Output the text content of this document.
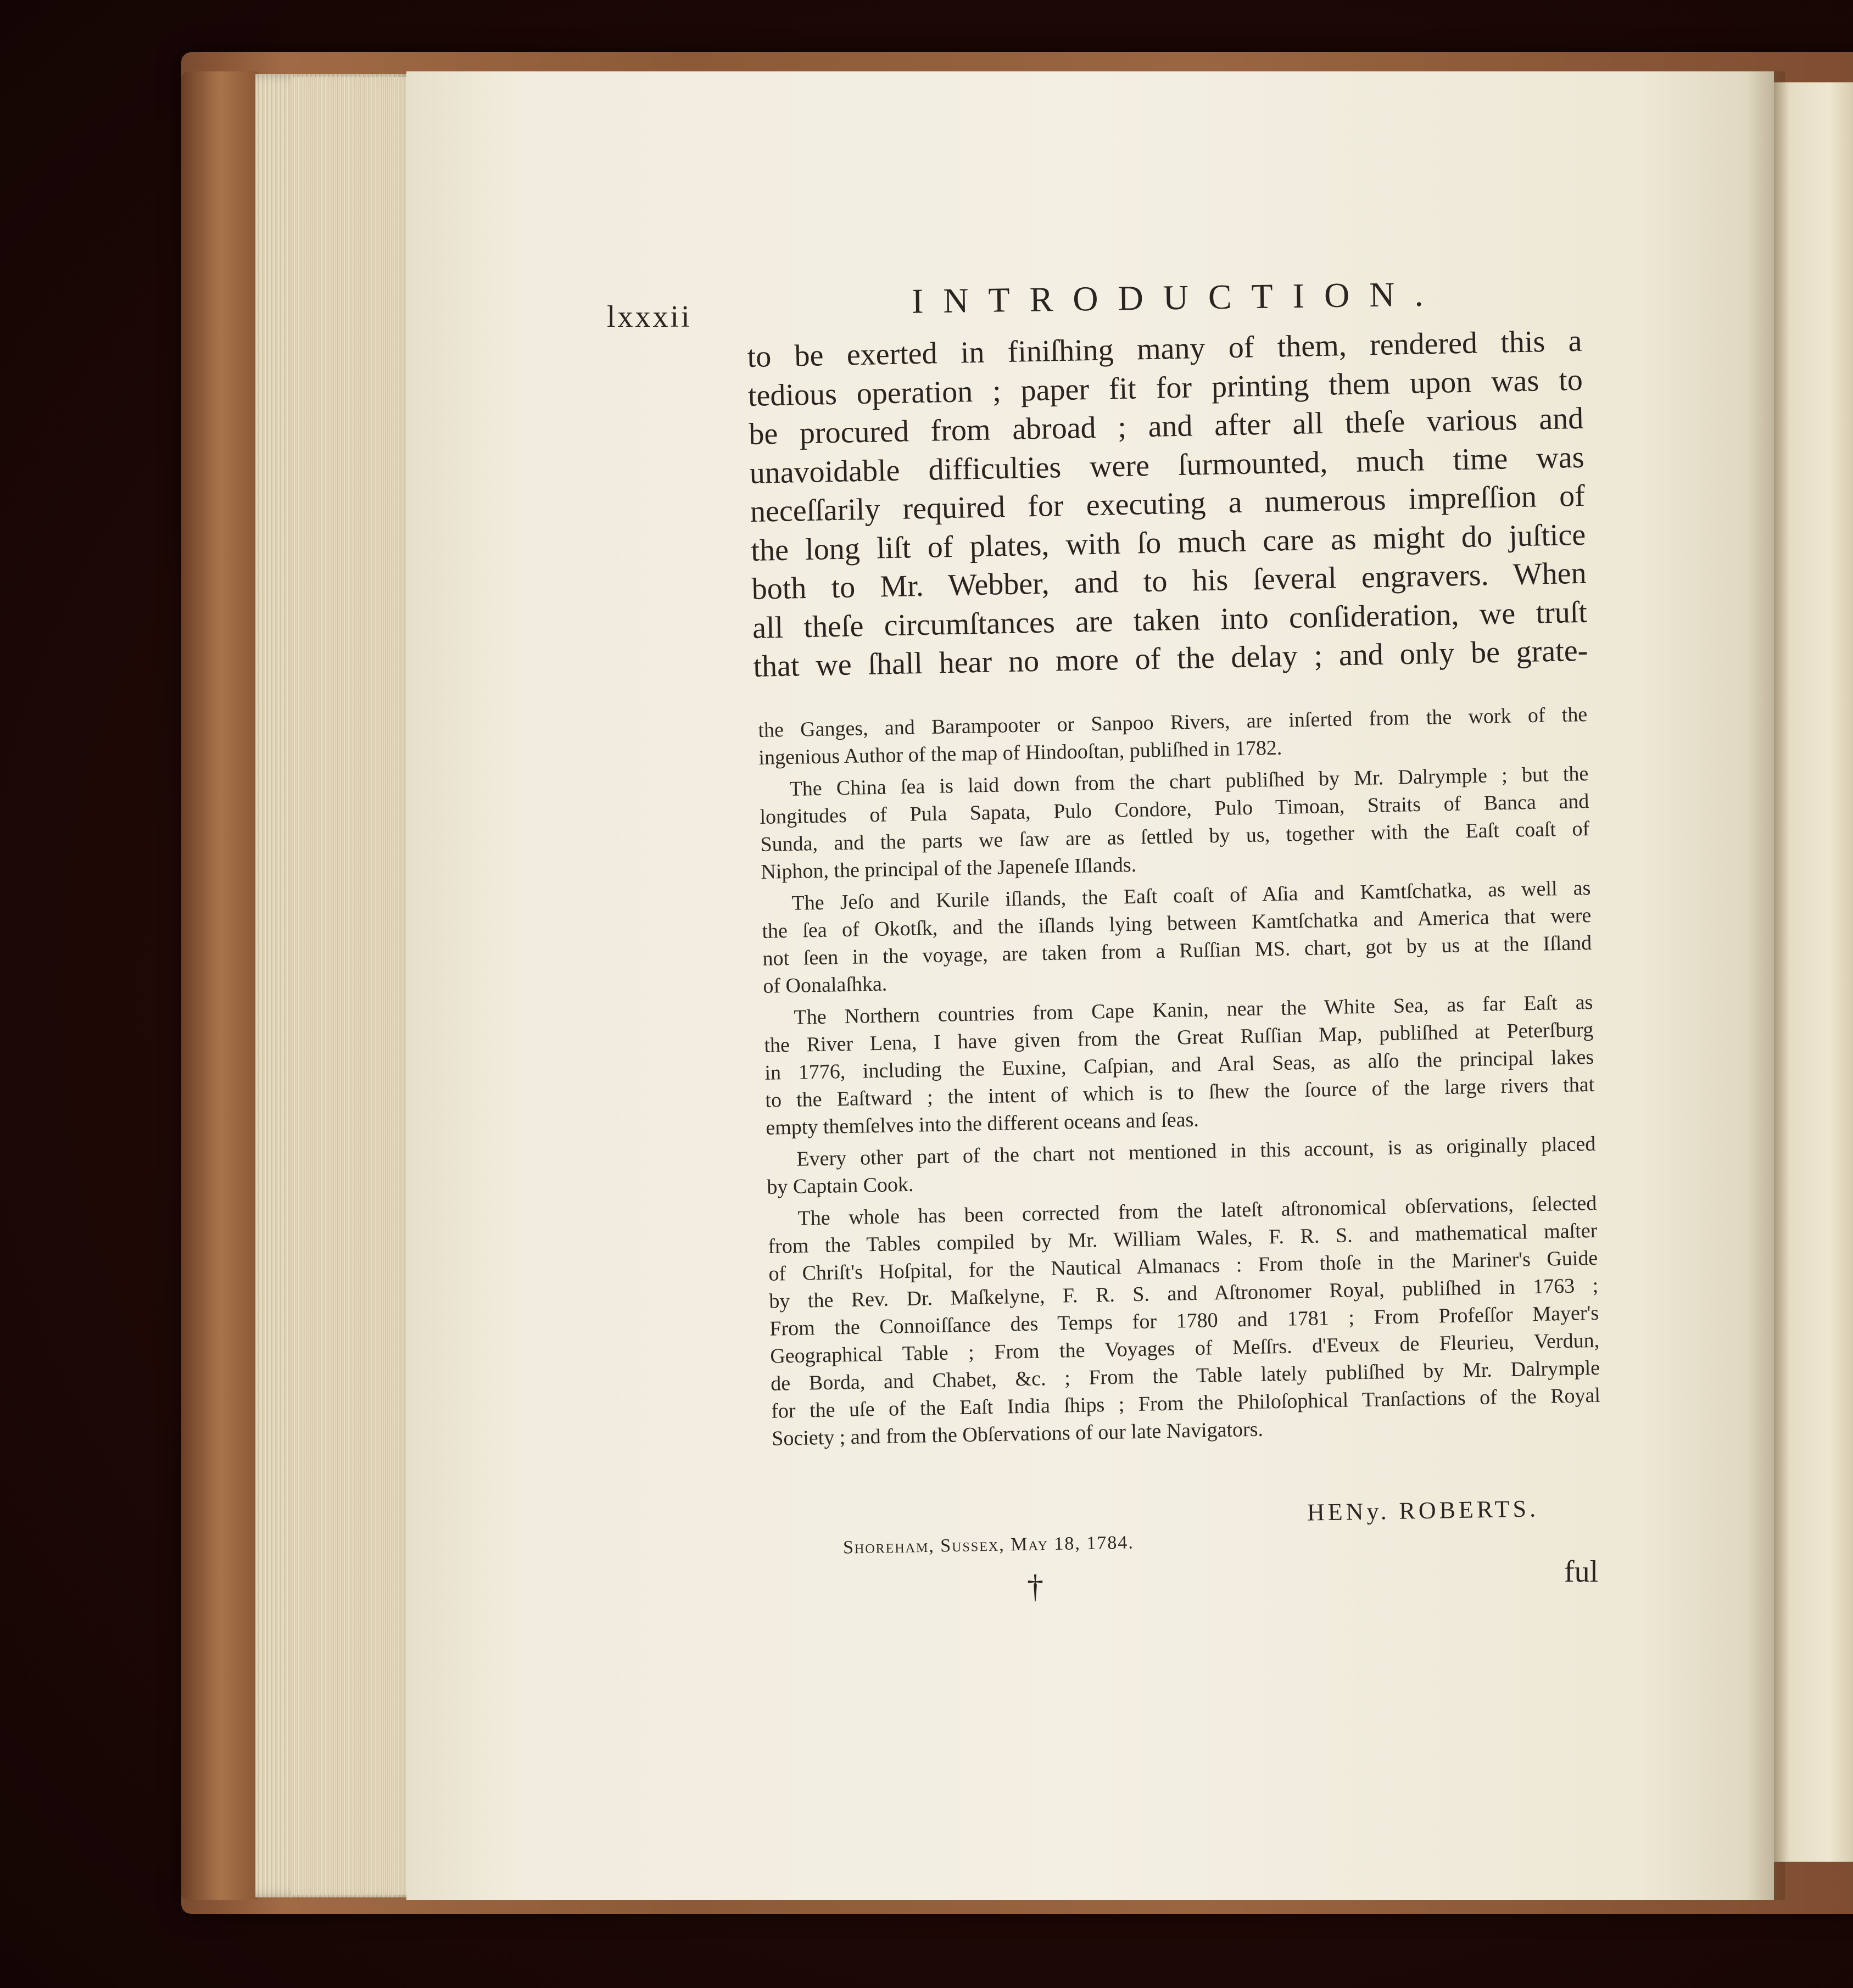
lxxxii	INTRODUCTION.
to be exerted in finiſhing many of them, rendered this a
tedious operation ; paper fit for printing them upon was to
be procured from abroad ; and after all theſe various and
unavoidable difficulties were ſurmounted, much time was
neceſſarily required for executing a numerous impreſſion of
the long liſt of plates, with ſo much care as might do juſtice
both to Mr. Webber, and to his ſeveral engravers. When
all theſe circumſtances are taken into conſideration, we truſt
that we ſhall hear no more of the delay ; and only be grate-
the Ganges, and Barampooter or Sanpoo Rivers, are inſerted from the work of the
ingenious Author of the map of Hindooſtan, publiſhed in 1782.
The China ſea is laid down from the chart publiſhed by Mr. Dalrymple ; but the
longitudes of Pula Sapata, Pulo Condore, Pulo Timoan, Straits of Banca and
Sunda, and the parts we ſaw are as ſettled by us, together with the Eaſt coaſt of
Niphon, the principal of the Japeneſe Iſlands.
The Jeſo and Kurile iſlands, the Eaſt coaſt of Aſia and Kamtſchatka, as well as
the ſea of Okotſk, and the iſlands lying between Kamtſchatka and America that were
not ſeen in the voyage, are taken from a Ruſſian MS. chart, got by us at the Iſland
of Oonalaſhka.
The Northern countries from Cape Kanin, near the White Sea, as far Eaſt as
the River Lena, I have given from the Great Ruſſian Map, publiſhed at Peterſburg
in 1776, including the Euxine, Caſpian, and Aral Seas, as alſo the principal lakes
to the Eaſtward ; the intent of which is to ſhew the ſource of the large rivers that
empty themſelves into the different oceans and ſeas.
Every other part of the chart not mentioned in this account, is as originally placed
by Captain Cook.
The whole has been corrected from the lateſt aſtronomical obſervations, ſelected
from the Tables compiled by Mr. William Wales, F. R. S. and mathematical maſter
of Chriſt's Hoſpital, for the Nautical Almanacs : From thoſe in the Mariner's Guide
by the Rev. Dr. Maſkelyne, F. R. S. and Aſtronomer Royal, publiſhed in 1763 ;
From the Connoiſſance des Temps for 1780 and 1781 ; From Profeſſor Mayer's
Geographical Table ; From the Voyages of Meſſrs. d'Eveux de Fleurieu, Verdun,
de Borda, and Chabet, &c. ; From the Table lately publiſhed by Mr. Dalrymple
for the uſe of the Eaſt India ſhips ; From the Philoſophical Tranſactions of the Royal
Society ; and from the Obſervations of our late Navigators.
HENy. ROBERTS.
Shoreham, Sussex, May 18, 1784.
†	ful
